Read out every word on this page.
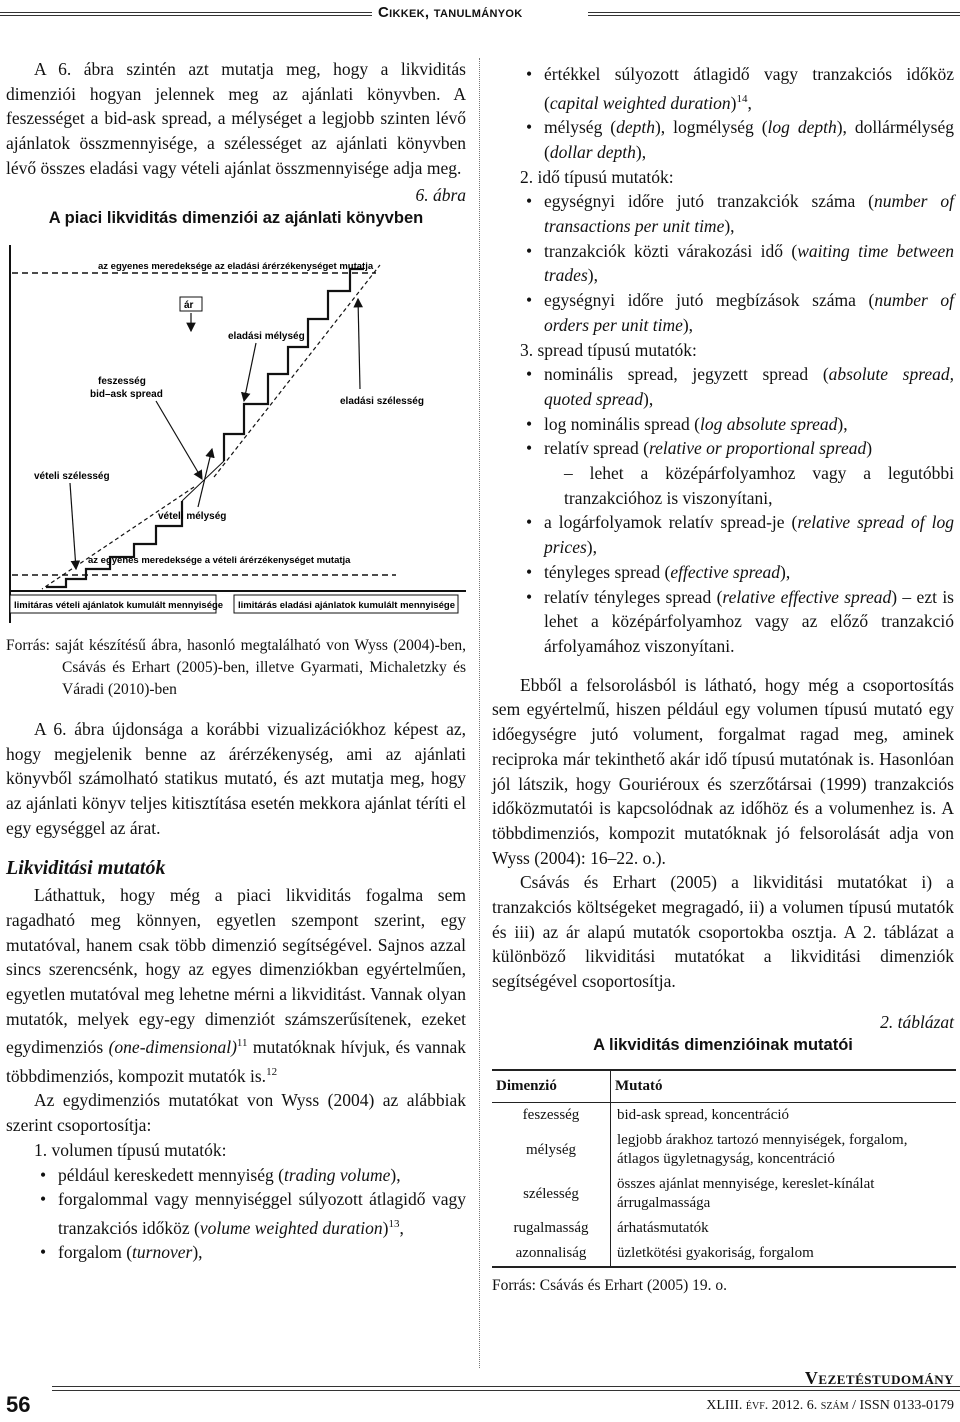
Cikkek, tanulmányok

A 6. ábra szintén azt mutatja meg, hogy a likviditás dimenziói hogyan jelennek meg az ajánlati könyvben. A feszességet a bid-ask spread, a mélységet a legjobb szinten lévő ajánlatok összmennyisége, a szélességet az ajánlati könyvben lévő összes eladási vagy vételi ajánlat összmennyisége adja meg.

6. ábra

A piaci likviditás dimenziói az ajánlati könyvben

az egyenes meredeksége az eladási árérzékenységet mutatja
ár
eladási mélység
feszesség
bid–ask spread
eladási szélesség
vételi szélesség
vételi mélység
az egyenes meredeksége a vételi árérzékenységet mutatja
limitáras vételi ajánlatok kumulált mennyisége limitárás eladási ajánlatok kumulált mennyisége

Forrás: saját készítésű ábra, hasonló megtalálható von Wyss (2004)-ben, Csávás és Erhart (2005)-ben, illetve Gyarmati, Michaletzky és Váradi (2010)-ben

A 6. ábra újdonsága a korábbi vizualizációkhoz képest az, hogy megjelenik benne az árérzékenység, ami az ajánlati könyvből számolható statikus mutató, és azt mutatja meg, hogy az ajánlati könyv teljes kitisztítása esetén mekkora ajánlat téríti el egy egységgel az árat.

Likviditási mutatók

Láthattuk, hogy még a piaci likviditás fogalma sem ragadható meg könnyen, egyetlen szempont szerint, egy mutatóval, hanem csak több dimenzió segítségével. Sajnos azzal sincs szerencsénk, hogy az egyes dimenziókban egyértelműen, egyetlen mutatóval meg lehetne mérni a likviditást. Vannak olyan mutatók, melyek egy-egy dimenziót számszerűsítenek, ezeket egydimenziós (one-dimensional)$^{11}$ mutatóknak hívjuk, és vannak többdimenziós, kompozit mutatók is.$^{12}$

Az egydimenziós mutatókat von Wyss (2004) az alábbiak szerint csoportosítja:

1. volumen típusú mutatók:

• például kereskedett mennyiség (trading volume),
• forgalommal vagy mennyiséggel súlyozott átlagidő vagy tranzakciós időköz (volume weighted duration)$^{13}$,
• forgalom (turnover),
• értékkel súlyozott átlagidő vagy tranzakciós időköz (capital weighted duration)$^{14}$,
• mélység (depth), logmélység (log depth), dollármélység (dollar depth),

2. idő típusú mutatók:

• egységnyi időre jutó tranzakciók száma (number of transactions per unit time),
• tranzakciók közti várakozási idő (waiting time between trades),
• egységnyi időre jutó megbízások száma (number of orders per unit time),

3. spread típusú mutatók:

• nominális spread, jegyzett spread (absolute spread, quoted spread),
• log nominális spread (log absolute spread),
• relatív spread (relative or proportional spread)
– lehet a középárfolyamhoz vagy a legutóbbi tranzakcióhoz is viszonyítani,
• a logárfolyamok relatív spread-je (relative spread of log prices),
• tényleges spread (effective spread),
• relatív tényleges spread (relative effective spread) – ezt is lehet a középárfolyamhoz vagy az előző tranzakció árfolyamához viszonyítani.

Ebből a felsorolásból is látható, hogy még a csoportosítás sem egyértelmű, hiszen például egy volumen típusú mutató egy időegységre jutó volument, forgalmat ragad meg, aminek reciproka már tekinthető akár idő típusú mutatónak is. Hasonlóan jól látszik, hogy Gouriéroux és szerzőtársai (1999) tranzakciós időközmutatói is kapcsolódnak az időhöz és a volumenhez is. A többdimenziós, kompozit mutatóknak jó felsorolását adja von Wyss (2004): 16–22. o.).

Csávás és Erhart (2005) a likviditási mutatókat i) a tranzakciós költségeket megragadó, ii) a volumen típusú mutatók és iii) az ár alapú mutatók csoportokba osztja. A 2. táblázat a különböző likviditási mutatókat a likviditási dimenziók segítségével csoportosítja.

2. táblázat

A likviditás dimenzióinak mutatói

Dimenzió	Mutató
feszesség	bid-ask spread, koncentráció
mélység	legjobb árakhoz tartozó mennyiségek, forgalom, átlagos ügyletnagyság, koncentráció
szélesség	összes ajánlat mennyisége, kereslet-kínálat árrugalmassága
rugalmasság	árhatásmutatók
azonnaliság	üzletkötési gyakoriság, forgalom

Forrás: Csávás és Erhart (2005) 19. o.

Vezetéstudomány
56	XLIII. évf. 2012. 6. szám / ISSN 0133-0179
